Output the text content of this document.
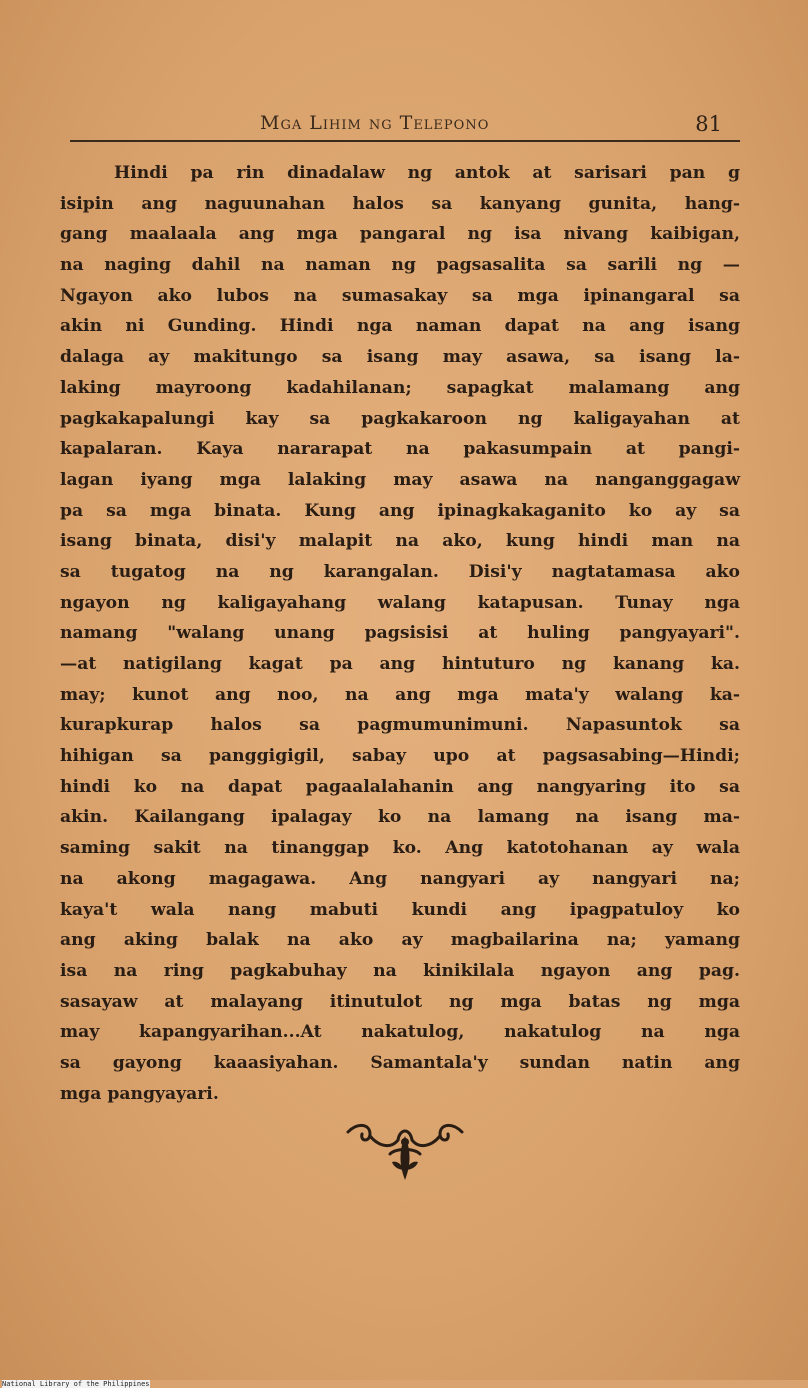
Mga Lihim ng Telepono	81
Hindi pa rin dinadalaw ng antok at sarisari pan g
isipin ang naguunahan halos sa kanyang gunita, hang-
gang maalaala ang mga pangaral ng isa nivang kaibigan,
na naging dahil na naman ng pagsasalita sa sarili ng —
Ngayon ako lubos na sumasakay sa mga ipinangaral sa
akin ni Gunding. Hindi nga naman dapat na ang isang
dalaga ay makitungo sa isang may asawa, sa isang la-
laking mayroong kadahilanan; sapagkat malamang ang
pagkakapalungi kay sa pagkakaroon ng kaligayahan at
kapalaran. Kaya nararapat na pakasumpain at pangi-
lagan iyang mga lalaking may asawa na nanganggagaw
pa sa mga binata. Kung ang ipinagkakaganito ko ay sa
isang binata, disi'y malapit na ako, kung hindi man na
sa tugatog na ng karangalan. Disi'y nagtatamasa ako
ngayon ng kaligayahang walang katapusan. Tunay nga
namang "walang unang pagsisisi at huling pangyayari".
—at natigilang kagat pa ang hintuturo ng kanang ka.
may; kunot ang noo, na ang mga mata'y walang ka-
kurapkurap halos sa pagmumunimuni. Napasuntok sa
hihigan sa panggigigil, sabay upo at pagsasabing—Hindi;
hindi ko na dapat pagaalalahanin ang nangyaring ito sa
akin. Kailangang ipalagay ko na lamang na isang ma-
saming sakit na tinanggap ko. Ang katotohanan ay wala
na akong magagawa. Ang nangyari ay nangyari na;
kaya't wala nang mabuti kundi ang ipagpatuloy ko
ang aking balak na ako ay magbailarina na; yamang
isa na ring pagkabuhay na kinikilala ngayon ang pag.
sasayaw at malayang itinutulot ng mga batas ng mga
may kapangyarihan...At nakatulog, nakatulog na nga
sa gayong kaaasiyahan. Samantala'y sundan natin ang
mga pangyayari.
National Library of the Philippines
